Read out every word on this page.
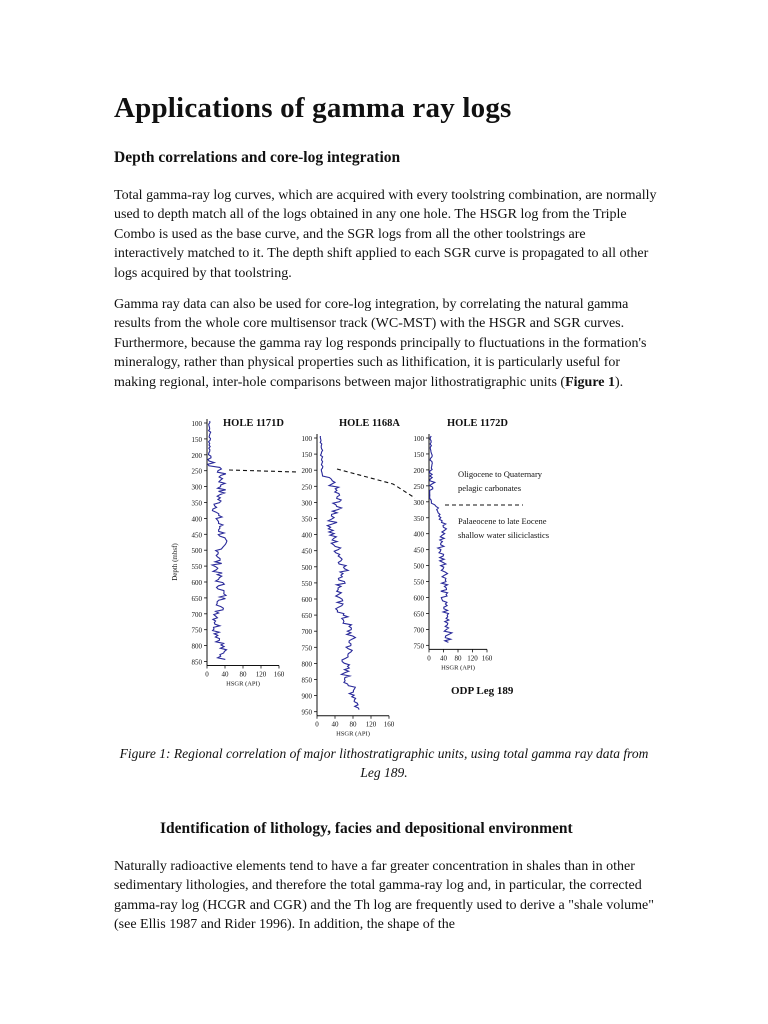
Applications of gamma ray logs
Depth correlations and core-log integration

Total gamma-ray log curves, which are acquired with every toolstring combination, are normally used to depth match all of the logs obtained in any one hole. The HSGR log from the Triple Combo is used as the base curve, and the SGR logs from all the other toolstrings are interactively matched to it. The depth shift applied to each SGR curve is propagated to all other logs acquired by that toolstring.

Gamma ray data can also be used for core-log integration, by correlating the natural gamma results from the whole core multisensor track (WC-MST) with the HSGR and SGR curves. Furthermore, because the gamma ray log responds principally to fluctuations in the formation's mineralogy, rather than physical properties such as lithification, it is particularly useful for making regional, inter-hole comparisons between major lithostratigraphic units (Figure 1).

HOLE 1171D
100
150
200
250
300
350
400
450
500
550
600
650
700
750
800
850
0 40 80 120 160
HSGR (API)
HOLE 1168A
100
150
200
250
300
350
400
450
500
550
600
650
700
750
800
850
900
950
0 40 80 120 160
HSGR (API)
HOLE 1172D
100
150
200
250
300
350
400
450
500
550
600
650
700
750
0 40 80 120 160
HSGR (API)
Depth (mbsf)
Oligocene to Quaternary
pelagic carbonates
Palaeocene to late Eocene
shallow water siliciclastics
ODP Leg 189

Figure 1: Regional correlation of major lithostratigraphic units, using total gamma ray data from Leg 189.

Identification of lithology, facies and depositional environment

Naturally radioactive elements tend to have a far greater concentration in shales than in other sedimentary lithologies, and therefore the total gamma-ray log and, in particular, the corrected gamma-ray log (HCGR and CGR) and the Th log are frequently used to derive a "shale volume" (see Ellis 1987 and Rider 1996). In addition, the shape of the
